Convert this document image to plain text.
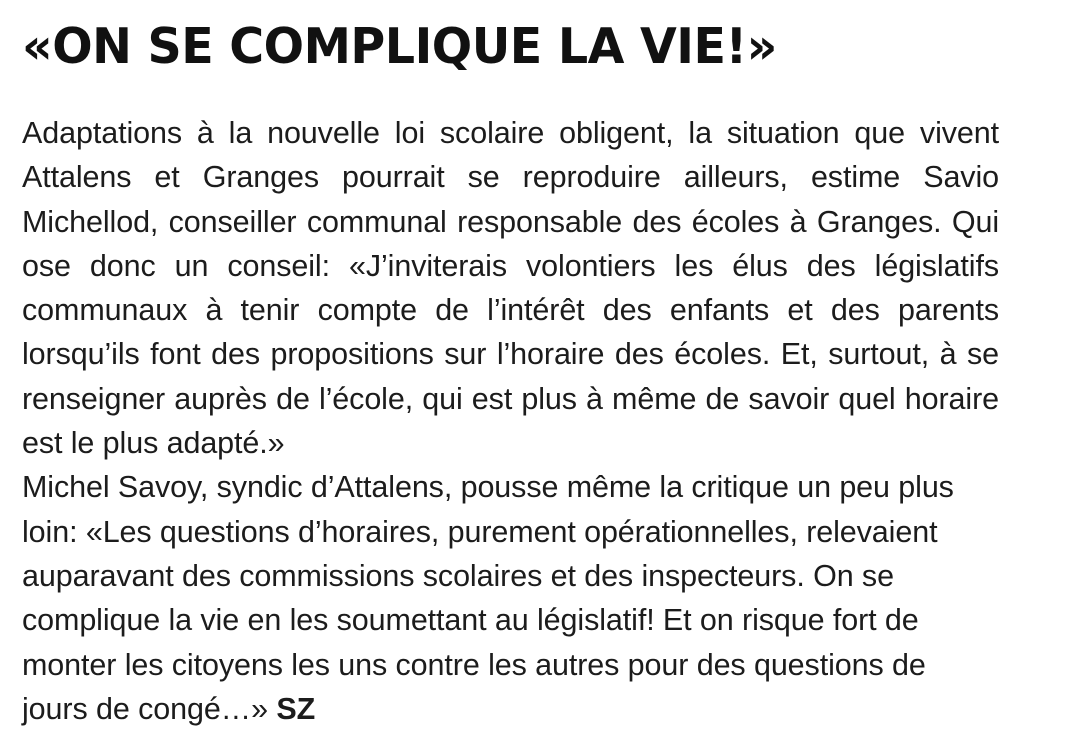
«ON SE COMPLIQUE LA VIE!»

Adaptations à la nouvelle loi scolaire obligent, la situation que vivent Attalens et Granges pourrait se reproduire ailleurs, estime Savio Michellod, conseiller communal responsable des écoles à Granges. Qui ose donc un conseil: «J’inviterais volontiers les élus des législatifs communaux à tenir compte de l’intérêt des enfants et des parents lorsqu’ils font des propositions sur l’horaire des écoles. Et, surtout, à se renseigner auprès de l’école, qui est plus à même de savoir quel horaire est le plus adapté.»

Michel Savoy, syndic d’Attalens, pousse même la critique un peu plus loin: «Les questions d’horaires, purement opérationnelles, relevaient auparavant des commissions scolaires et des inspecteurs. On se complique la vie en les soumettant au législatif! Et on risque fort de monter les citoyens les uns contre les autres pour des questions de jours de congé…» SZ
